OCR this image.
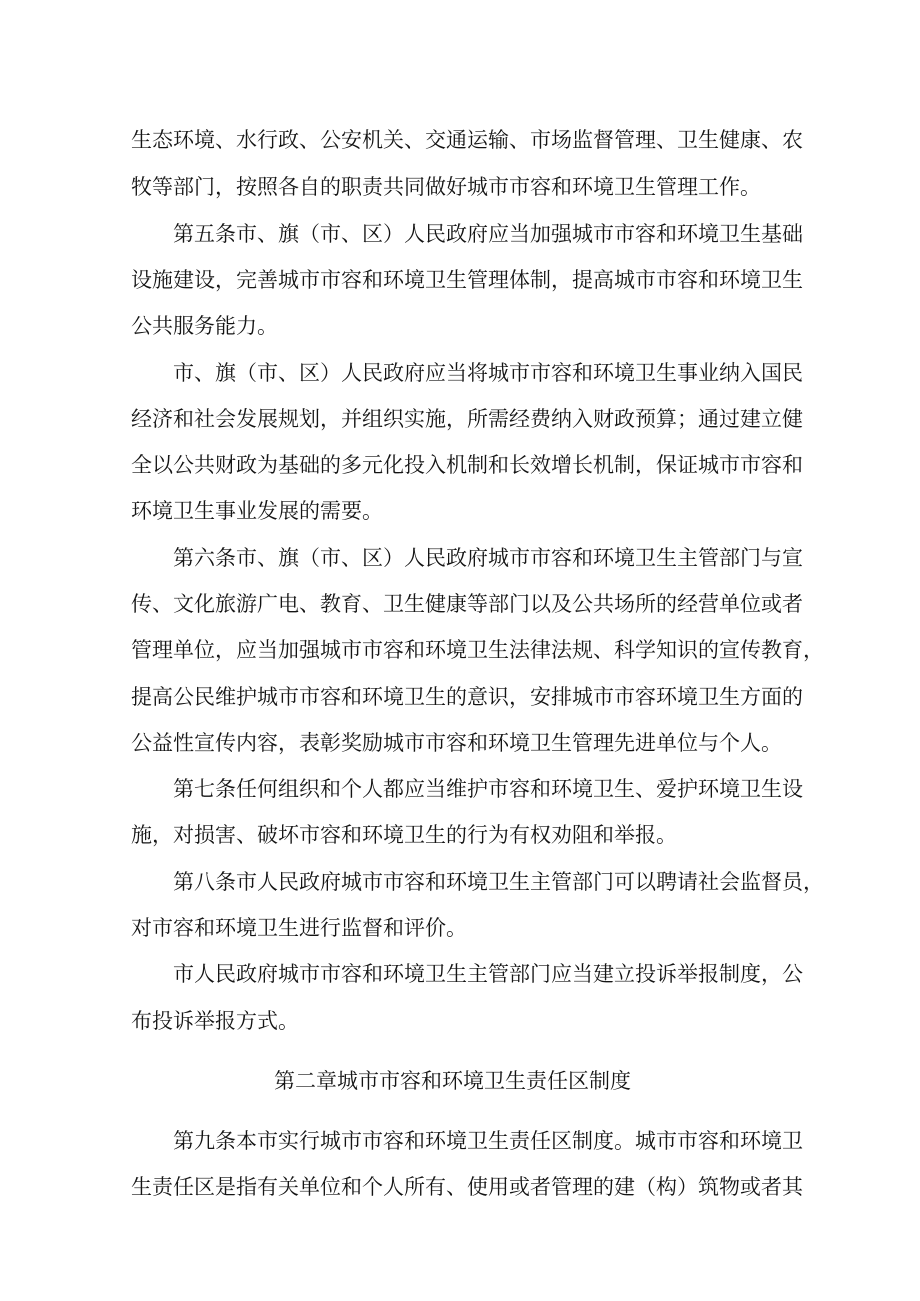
生态环境、水行政、公安机关、交通运输、市场监督管理、卫生健康、农
牧等部门，按照各自的职责共同做好城市市容和环境卫生管理工作。
第五条市、旗（市、区）人民政府应当加强城市市容和环境卫生基础
设施建设，完善城市市容和环境卫生管理体制，提高城市市容和环境卫生
公共服务能力。
市、旗（市、区）人民政府应当将城市市容和环境卫生事业纳入国民
经济和社会发展规划，并组织实施，所需经费纳入财政预算；通过建立健
全以公共财政为基础的多元化投入机制和长效增长机制，保证城市市容和
环境卫生事业发展的需要。
第六条市、旗（市、区）人民政府城市市容和环境卫生主管部门与宣
传、文化旅游广电、教育、卫生健康等部门以及公共场所的经营单位或者
管理单位，应当加强城市市容和环境卫生法律法规、科学知识的宣传教育，
提高公民维护城市市容和环境卫生的意识，安排城市市容环境卫生方面的
公益性宣传内容，表彰奖励城市市容和环境卫生管理先进单位与个人。
第七条任何组织和个人都应当维护市容和环境卫生、爱护环境卫生设
施，对损害、破坏市容和环境卫生的行为有权劝阻和举报。
第八条市人民政府城市市容和环境卫生主管部门可以聘请社会监督员，
对市容和环境卫生进行监督和评价。
市人民政府城市市容和环境卫生主管部门应当建立投诉举报制度，公
布投诉举报方式。
第二章城市市容和环境卫生责任区制度
第九条本市实行城市市容和环境卫生责任区制度。城市市容和环境卫
生责任区是指有关单位和个人所有、使用或者管理的建（构）筑物或者其
